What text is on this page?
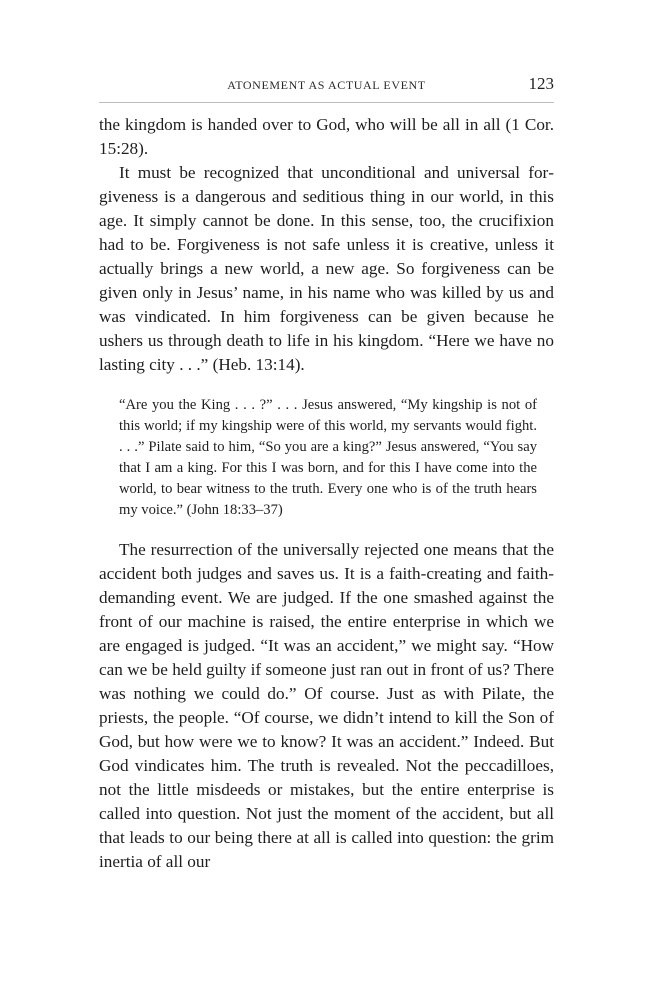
ATONEMENT AS ACTUAL EVENT	123

the kingdom is handed over to God, who will be all in all (1 Cor. 15:28).

It must be recognized that unconditional and universal forgiveness is a dangerous and seditious thing in our world, in this age. It simply cannot be done. In this sense, too, the crucifixion had to be. Forgiveness is not safe unless it is creative, unless it actually brings a new world, a new age. So forgiveness can be given only in Jesus’ name, in his name who was killed by us and was vindicated. In him forgiveness can be given because he ushers us through death to life in his kingdom. “Here we have no lasting city . . .” (Heb. 13:14).

“Are you the King . . . ?” . . . Jesus answered, “My kingship is not of this world; if my kingship were of this world, my servants would fight. . . .” Pilate said to him, “So you are a king?” Jesus answered, “You say that I am a king. For this I was born, and for this I have come into the world, to bear witness to the truth. Every one who is of the truth hears my voice.” (John 18:33–37)

The resurrection of the universally rejected one means that the accident both judges and saves us. It is a faith-creating and faith-demanding event. We are judged. If the one smashed against the front of our machine is raised, the entire enterprise in which we are engaged is judged. “It was an accident,” we might say. “How can we be held guilty if someone just ran out in front of us? There was nothing we could do.” Of course. Just as with Pilate, the priests, the people. “Of course, we didn’t intend to kill the Son of God, but how were we to know? It was an accident.” Indeed. But God vindicates him. The truth is revealed. Not the peccadilloes, not the little misdeeds or mistakes, but the entire enterprise is called into question. Not just the moment of the accident, but all that leads to our being there at all is called into question: the grim inertia of all our
